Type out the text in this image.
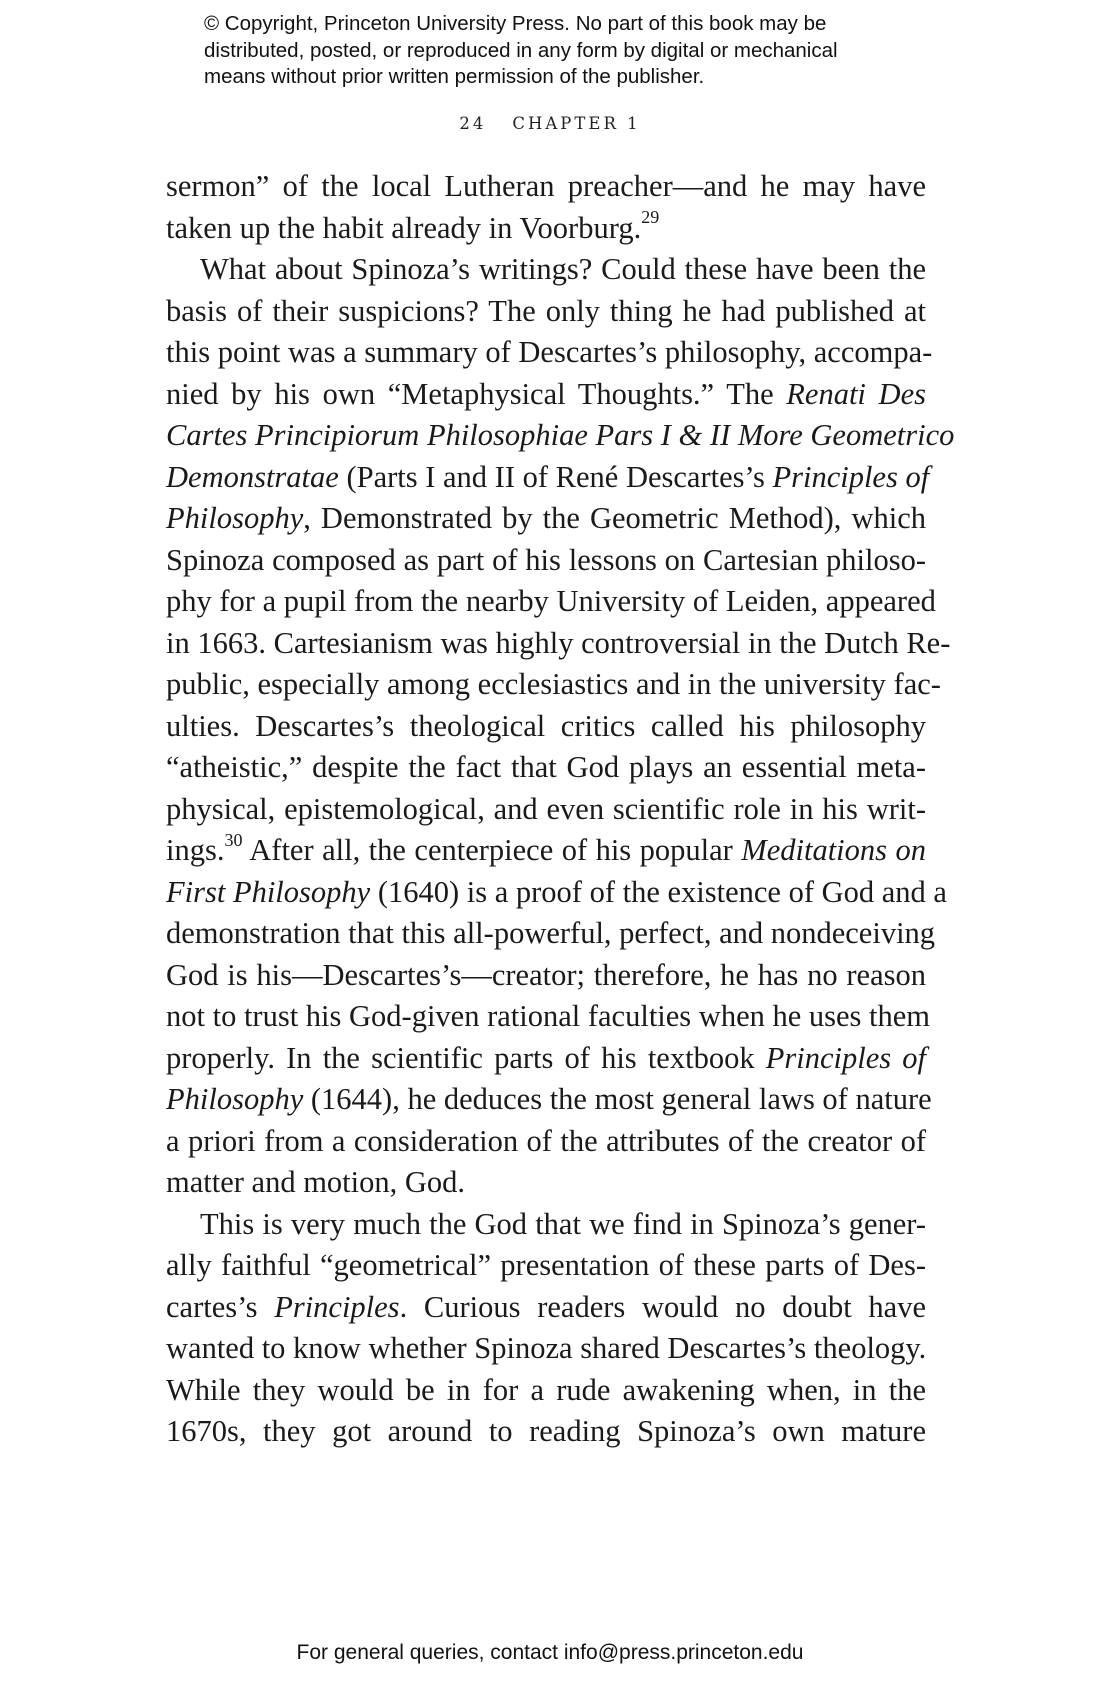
© Copyright, Princeton University Press. No part of this book may be
distributed, posted, or reproduced in any form by digital or mechanical
means without prior written permission of the publisher.
24 CHAPTER 1
sermon” of the local Lutheran preacher—and he may have
taken up the habit already in Voorburg.$^{29}$
What about Spinoza’s writings? Could these have been the
basis of their suspicions? The only thing he had published at
this point was a summary of Descartes’s philosophy, accompa-
nied by his own “Metaphysical Thoughts.” The Renati Des
Cartes Principiorum Philosophiae Pars I & II More Geometrico
Demonstratae (Parts I and II of René Descartes’s Principles of
Philosophy, Demonstrated by the Geometric Method), which
Spinoza composed as part of his lessons on Cartesian philoso-
phy for a pupil from the nearby University of Leiden, appeared
in 1663. Cartesianism was highly controversial in the Dutch Re-
public, especially among ecclesiastics and in the university fac-
ulties. Descartes’s theological critics called his philosophy
“atheistic,” despite the fact that God plays an essential meta-
physical, epistemological, and even scientific role in his writ-
ings.$^{30}$ After all, the centerpiece of his popular Meditations on
First Philosophy (1640) is a proof of the existence of God and a
demonstration that this all-powerful, perfect, and nondeceiving
God is his—Descartes’s—creator; therefore, he has no reason
not to trust his God-given rational faculties when he uses them
properly. In the scientific parts of his textbook Principles of
Philosophy (1644), he deduces the most general laws of nature
a priori from a consideration of the attributes of the creator of
matter and motion, God.
This is very much the God that we find in Spinoza’s gener-
ally faithful “geometrical” presentation of these parts of Des-
cartes’s Principles. Curious readers would no doubt have
wanted to know whether Spinoza shared Descartes’s theology.
While they would be in for a rude awakening when, in the
1670s, they got around to reading Spinoza’s own mature
For general queries, contact info@press.princeton.edu
